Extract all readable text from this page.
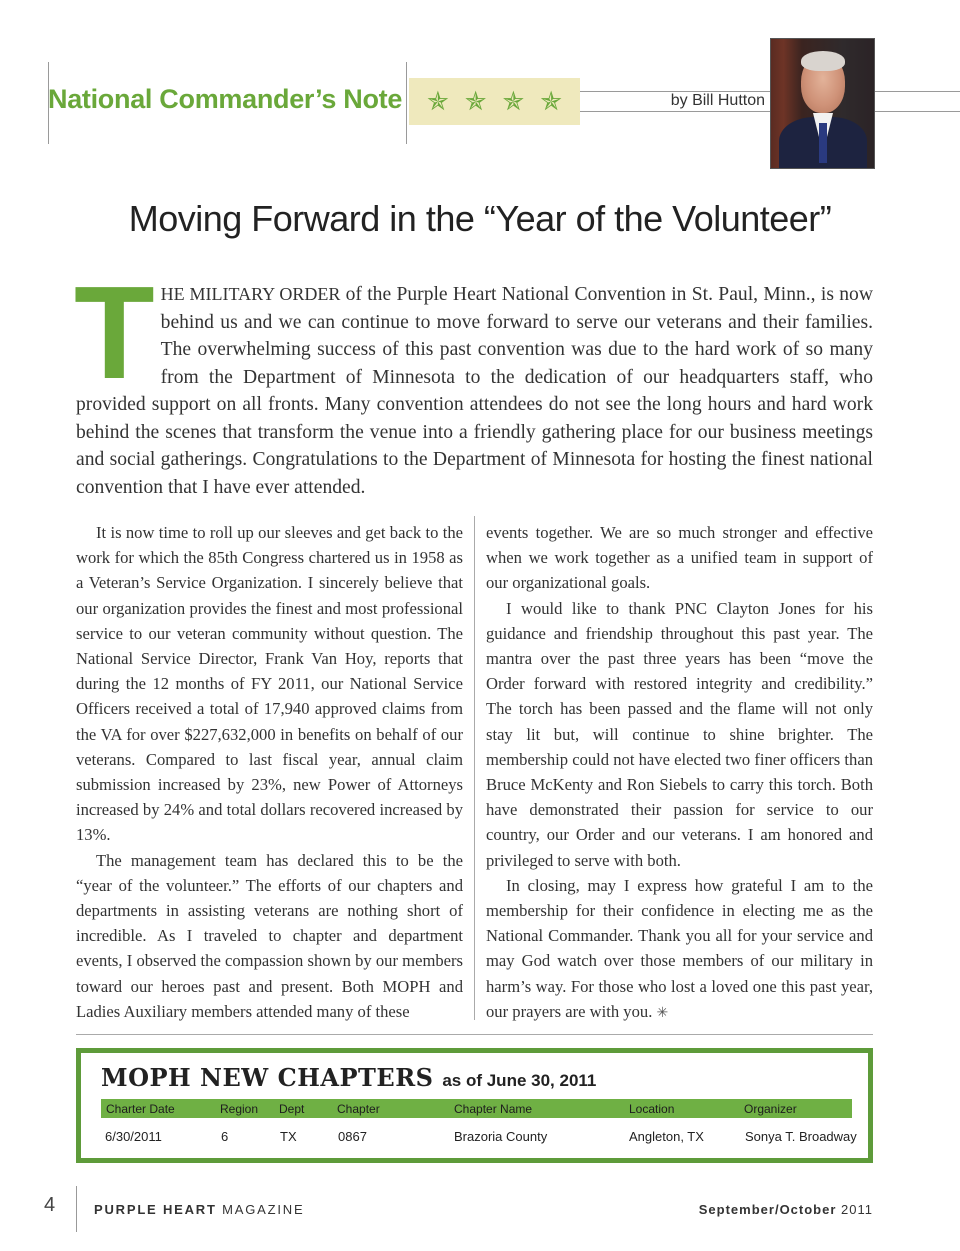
National Commander’s Note ✯ ✯ ✯ ✯	by Bill Hutton
Moving Forward in the “Year of the Volunteer”
THE MILITARY ORDER of the Purple Heart National Convention in St. Paul, Minn., is now behind us and we can continue to move forward to serve our veterans and their families. The overwhelming success of this past convention was due to the hard work of so many from the Department of Minnesota to the dedication of our headquarters staff, who provided support on all fronts. Many convention attendees do not see the long hours and hard work behind the scenes that transform the venue into a friendly gathering place for our business meetings and social gatherings. Congratulations to the Department of Minnesota for hosting the finest national convention that I have ever attended.

It is now time to roll up our sleeves and get back to the work for which the 85th Congress chartered us in 1958 as a Veteran’s Service Organization. I sincerely believe that our organization provides the finest and most professional service to our veteran community without question. The National Service Director, Frank Van Hoy, reports that during the 12 months of FY 2011, our National Service Officers received a total of 17,940 approved claims from the VA for over $227,632,000 in benefits on behalf of our veterans. Compared to last fiscal year, annual claim submission increased by 23%, new Power of Attorneys increased by 24% and total dollars recovered increased by 13%.

The management team has declared this to be the “year of the volunteer.” The efforts of our chapters and departments in assisting veterans are nothing short of incredible. As I traveled to chapter and department events, I observed the compassion shown by our members toward our heroes past and present. Both MOPH and Ladies Auxiliary members attended many of these

events together. We are so much stronger and effective when we work together as a unified team in support of our organizational goals.

I would like to thank PNC Clayton Jones for his guidance and friendship throughout this past year. The mantra over the past three years has been “move the Order forward with restored integrity and credibility.” The torch has been passed and the flame will not only stay lit but, will continue to shine brighter. The membership could not have elected two finer officers than Bruce McKenty and Ron Siebels to carry this torch. Both have demonstrated their passion for service to our country, our Order and our veterans. I am honored and privileged to serve with both.

In closing, may I express how grateful I am to the membership for their confidence in electing me as the National Commander. Thank you all for your service and may God watch over those members of our military in harm’s way. For those who lost a loved one this past year, our prayers are with you. ✳

MOPH NEW CHAPTERS as of June 30, 2011
Charter Date	Region Dept	Chapter	Chapter Name	Location	Organizer
6/30/2011	6	TX	0867	Brazoria County	Angleton, TX	Sonya T. Broadway
4	PURPLE HEART MAGAZINE	September/October 2011
